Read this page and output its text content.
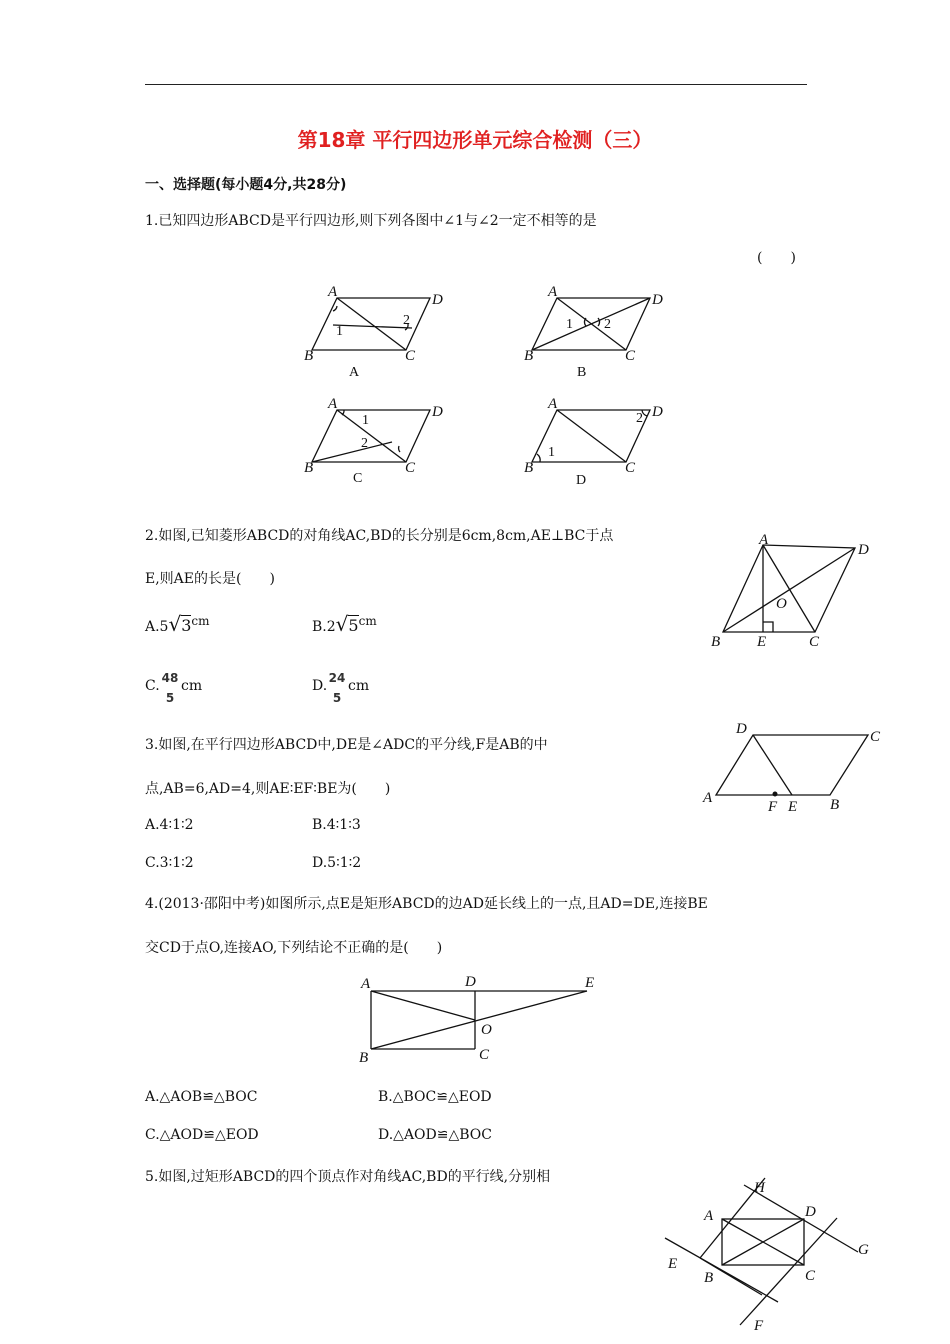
第18章 平行四边形单元综合检测（三）
一、选择题(每小题4分,共28分)
1.已知四边形ABCD是平行四边形,则下列各图中∠1与∠2一定不相等的是
(　　)
A	D
B	C
1
2
A
A	D
B	C
1 2
B
A	D
B	C
1
2
C
A	D
B	C
1
2
D
2.如图,已知菱形ABCD的对角线AC,BD的长分别是6cm,8cm,AE⊥BC于点
E,则AE的长是(　　)
A.5√3cm	B.2√5cm
C. 48
5
cm	D. 24
5
cm
A
D
B E	C
O
3.如图,在平行四边形ABCD中,DE是∠ADC的平分线,F是AB的中
点,AB=6,AD=4,则AE∶EF∶BE为(　　)
A.4∶1∶2	B.4∶1∶3
C.3∶1∶2	D.5∶1∶2
D	C
A
F E B
4.(2013·邵阳中考)如图所示,点E是矩形ABCD的边AD延长线上的一点,且AD=DE,连接BE
交CD于点O,连接AO,下列结论不正确的是(　　)
A	D	E
O
B	C
A.△AOB≌△BOC	B.△BOC≌△EOD
C.△AOD≌△EOD	D.△AOD≌△BOC
5.如图,过矩形ABCD的四个顶点作对角线AC,BD的平行线,分别相
H
A	D
G
E
B	C
F
